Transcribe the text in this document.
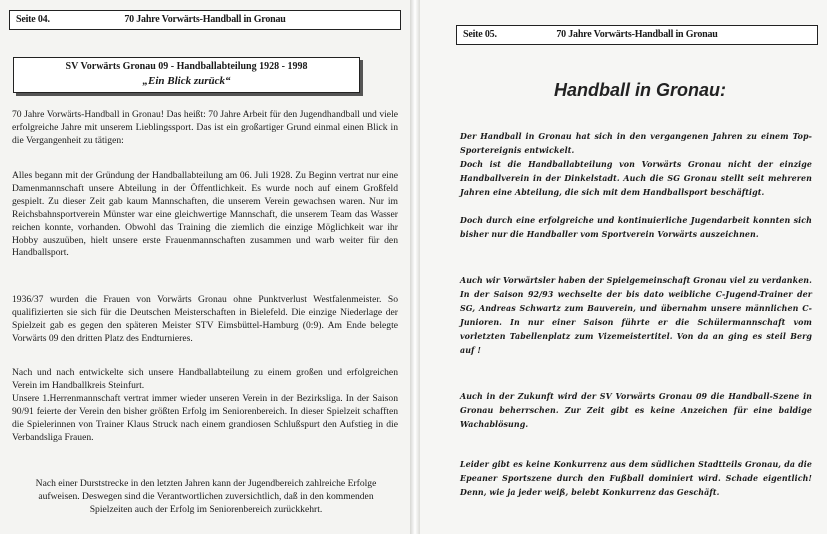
Seite 04.	70 Jahre Vorwärts-Handball in Gronau
SV Vorwärts Gronau 09 - Handballabteilung 1928 - 1998
„Ein Blick zurück“

70 Jahre Vorwärts-Handball in Gronau! Das heißt: 70 Jahre Arbeit für den Jugendhandball und viele erfolgreiche Jahre mit unserem Lieblingssport. Das ist ein großartiger Grund einmal einen Blick in die Vergangenheit zu tätigen:

Alles begann mit der Gründung der Handballabteilung am 06. Juli 1928. Zu Beginn vertrat nur eine Damenmannschaft unsere Abteilung in der Öffentlichkeit. Es wurde noch auf einem Großfeld gespielt. Zu dieser Zeit gab kaum Mannschaften, die unserem Verein gewachsen waren. Nur im Reichsbahnsportverein Münster war eine gleichwertige Mannschaft, die unserem Team das Wasser reichen konnte, vorhanden. Obwohl das Training die ziemlich die einzige Möglichkeit war ihr Hobby auszuüben, hielt unsere erste Frauenmannschaften zusammen und warb weiter für den Handballsport.

1936/37 wurden die Frauen von Vorwärts Gronau ohne Punktverlust Westfalenmeister. So qualifizierten sie sich für die Deutschen Meisterschaften in Bielefeld. Die einzige Niederlage der Spielzeit gab es gegen den späteren Meister STV Eimsbüttel-Hamburg (0:9). Am Ende belegte Vorwärts 09 den dritten Platz des Endturnieres.

Nach und nach entwickelte sich unsere Handballabteilung zu einem großen und erfolgreichen Verein im Handballkreis Steinfurt.

Unsere 1.Herrenmannschaft vertrat immer wieder unseren Verein in der Bezirksliga. In der Saison 90/91 feierte der Verein den bisher größten Erfolg im Seniorenbereich. In dieser Spielzeit schafften die Spielerinnen von Trainer Klaus Struck nach einem grandiosen Schlußspurt den Aufstieg in die Verbandsliga Frauen.

Nach einer Durststrecke in den letzten Jahren kann der Jugendbereich zahlreiche Erfolge aufweisen. Deswegen sind die Verantwortlichen zuversichtlich, daß in den kommenden Spielzeiten auch der Erfolg im Seniorenbereich zurückkehrt.

Seite 05.	70 Jahre Vorwärts-Handball in Gronau
Handball in Gronau:

Der Handball in Gronau hat sich in den vergangenen Jahren zu einem Top-Sportereignis entwickelt.

Doch ist die Handballabteilung von Vorwärts Gronau nicht der einzige Handballverein in der Dinkelstadt. Auch die SG Gronau stellt seit mehreren Jahren eine Abteilung, die sich mit dem Handballsport beschäftigt.

Doch durch eine erfolgreiche und kontinuierliche Jugendarbeit konnten sich bisher nur die Handballer vom Sportverein Vorwärts auszeichnen.

Auch wir Vorwärtsler haben der Spielgemeinschaft Gronau viel zu verdanken. In der Saison 92/93 wechselte der bis dato weibliche C-Jugend-Trainer der SG, Andreas Schwartz zum Bauverein, und übernahm unsere männlichen C-Junioren. In nur einer Saison führte er die Schülermannschaft vom vorletzten Tabellenplatz zum Vizemeistertitel. Von da an ging es steil Berg auf !

Auch in der Zukunft wird der SV Vorwärts Gronau 09 die Handball-Szene in Gronau beherrschen. Zur Zeit gibt es keine Anzeichen für eine baldige Wachablösung.

Leider gibt es keine Konkurrenz aus dem südlichen Stadtteils Gronau, da die Epeaner Sportszene durch den Fußball dominiert wird. Schade eigentlich! Denn, wie ja jeder weiß, belebt Konkurrenz das Geschäft.
